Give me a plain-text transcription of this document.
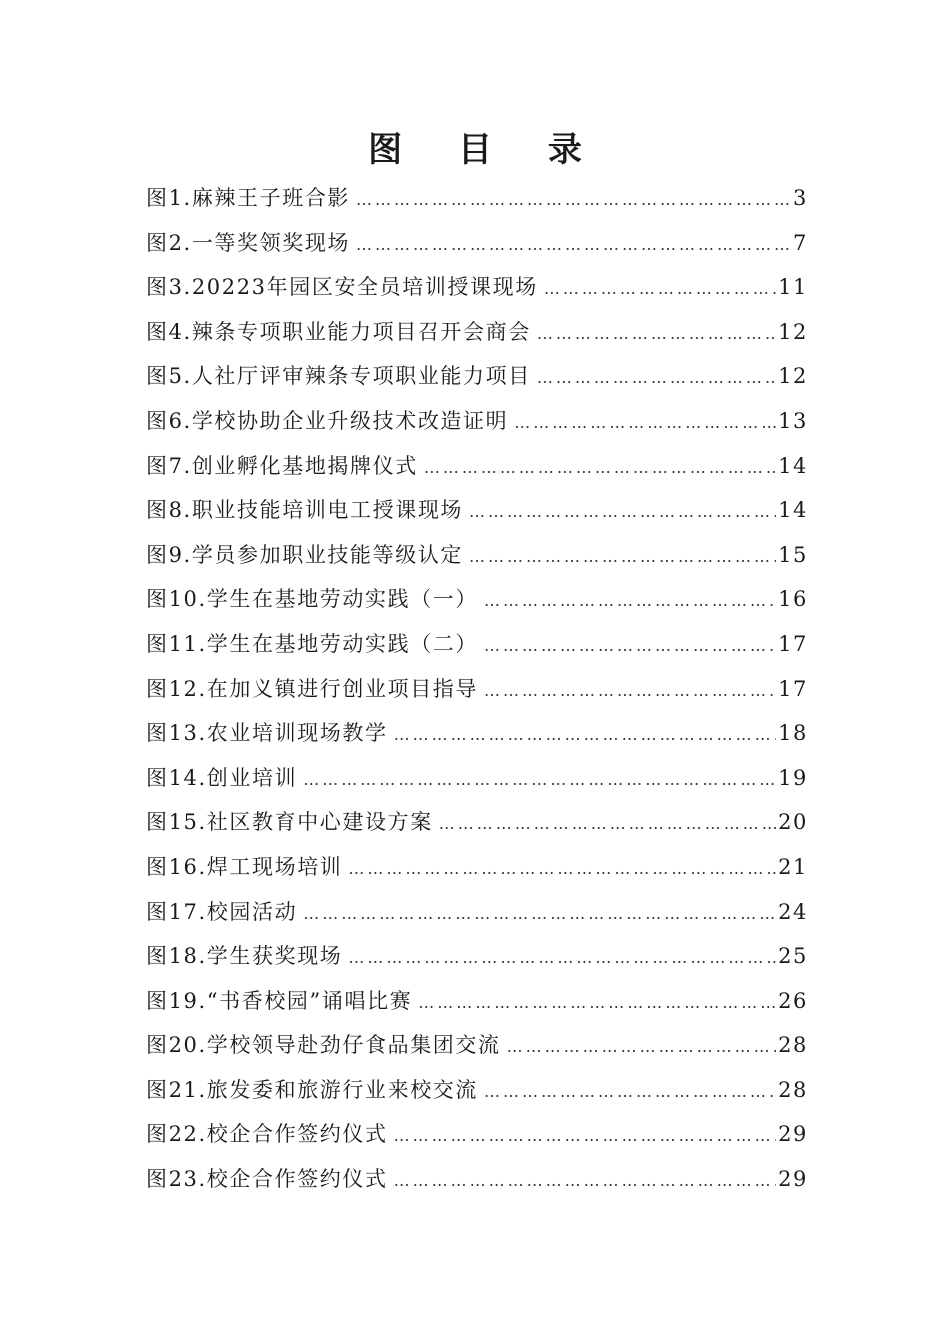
图 目 录
图1.麻辣王子班合影 …………………………………………………………………………………………………………………………………………	3
图2.一等奖领奖现场 …………………………………………………………………………………………………………………………………………	7
图3.20223年园区安全员培训授课现场 …………………………………………………………………………………………………………………………………………	11
图4.辣条专项职业能力项目召开会商会 …………………………………………………………………………………………………………………………………………	12
图5.人社厅评审辣条专项职业能力项目 …………………………………………………………………………………………………………………………………………	12
图6.学校协助企业升级技术改造证明 …………………………………………………………………………………………………………………………………………	13
图7.创业孵化基地揭牌仪式 …………………………………………………………………………………………………………………………………………	14
图8.职业技能培训电工授课现场 …………………………………………………………………………………………………………………………………………	14
图9.学员参加职业技能等级认定 …………………………………………………………………………………………………………………………………………	15
图10.学生在基地劳动实践（一） …………………………………………………………………………………………………………………………………………	16
图11.学生在基地劳动实践（二） …………………………………………………………………………………………………………………………………………	17
图12.在加义镇进行创业项目指导 …………………………………………………………………………………………………………………………………………	17
图13.农业培训现场教学 …………………………………………………………………………………………………………………………………………	18
图14.创业培训 …………………………………………………………………………………………………………………………………………	19
图15.社区教育中心建设方案 …………………………………………………………………………………………………………………………………………	20
图16.焊工现场培训 …………………………………………………………………………………………………………………………………………	21
图17.校园活动 …………………………………………………………………………………………………………………………………………	24
图18.学生获奖现场 …………………………………………………………………………………………………………………………………………	25
图19.“书香校园”诵唱比赛 …………………………………………………………………………………………………………………………………………	26
图20.学校领导赴劲仔食品集团交流 …………………………………………………………………………………………………………………………………………	28
图21.旅发委和旅游行业来校交流 …………………………………………………………………………………………………………………………………………	28
图22.校企合作签约仪式 …………………………………………………………………………………………………………………………………………	29
图23.校企合作签约仪式 …………………………………………………………………………………………………………………………………………	29
